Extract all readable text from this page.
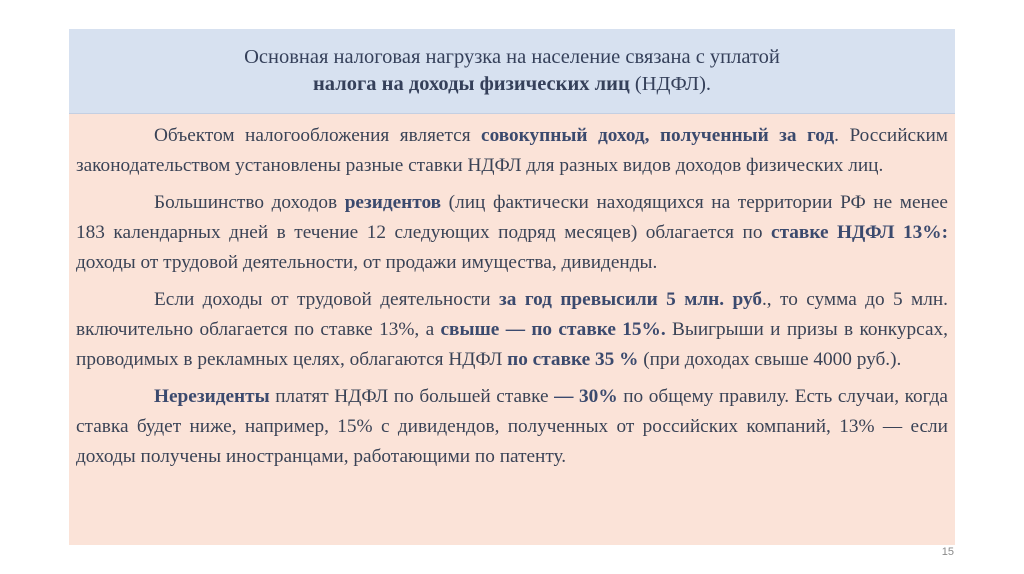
Основная налоговая нагрузка на население связана с уплатой
налога на доходы физических лиц (НДФЛ).

Объектом налогообложения является совокупный доход, полученный за год. Российским законодательством установлены разные ставки НДФЛ для разных видов доходов физических лиц.

Большинство доходов резидентов (лиц фактически находящихся на территории РФ не менее 183 календарных дней в течение 12 следующих подряд месяцев) облагается по ставке НДФЛ 13%: доходы от трудовой деятельности, от продажи имущества, дивиденды.

Если доходы от трудовой деятельности за год превысили 5 млн. руб., то сумма до 5 млн. включительно облагается по ставке 13%, а свыше — по ставке 15%. Выигрыши и призы в конкурсах, проводимых в рекламных целях, облагаются НДФЛ по ставке 35 % (при доходах свыше 4000 руб.).

Нерезиденты платят НДФЛ по большей ставке — 30% по общему правилу. Есть случаи, когда ставка будет ниже, например, 15% с дивидендов, полученных от российских компаний, 13% — если доходы получены иностранцами, работающими по патенту.

15
